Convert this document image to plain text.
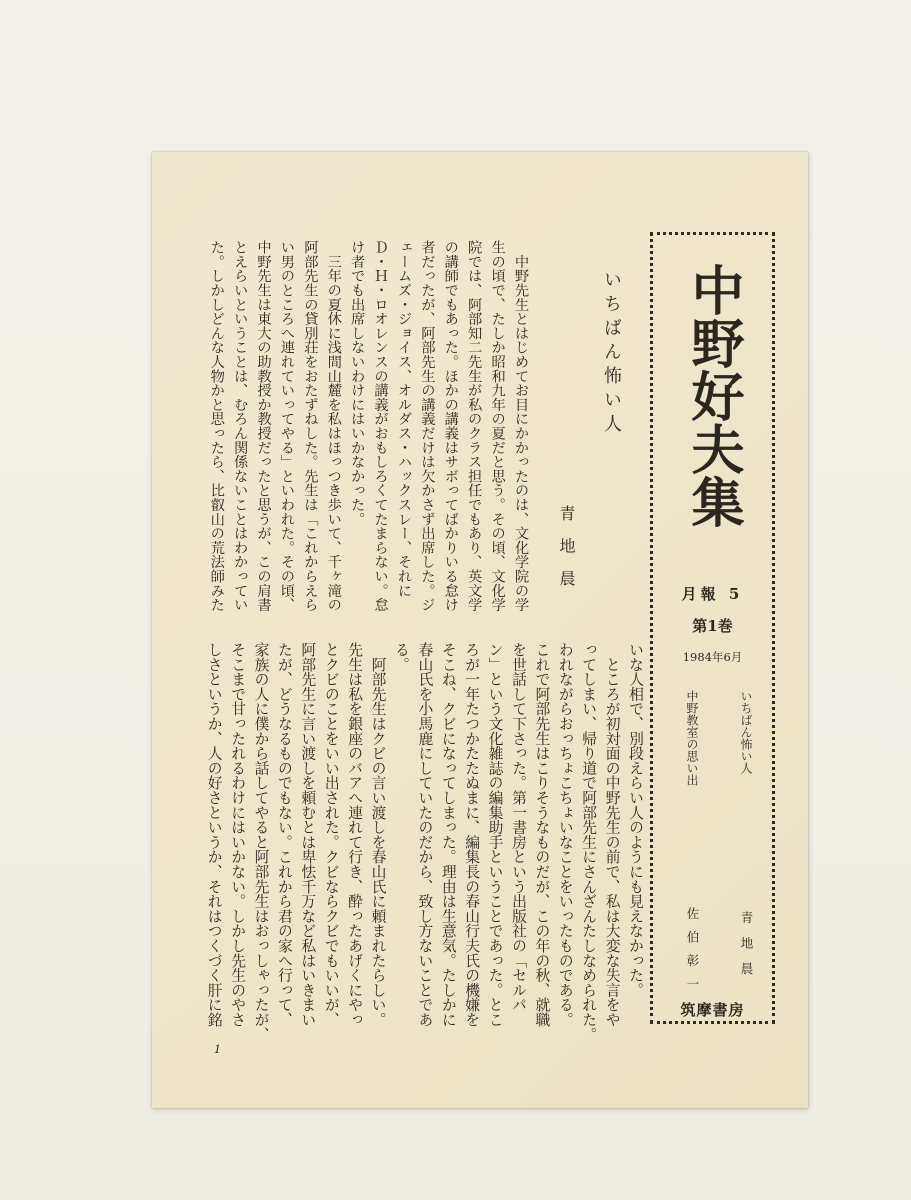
中野好夫集
月報 5
第1巻
1984年6月
いちばん怖い人
中野教室の思い出
青地晨
佐伯彰一
筑摩書房
いちばん怖い人
青地晨
　中野先生とはじめてお目にかかったのは、文化学院の学
生の頃で、たしか昭和九年の夏だと思う。その頃、文化学
院では、阿部知二先生が私のクラス担任でもあり、英文学
の講師でもあった。ほかの講義はサボってばかりいる怠け
者だったが、阿部先生の講義だけは欠かさず出席した。ジ
ェームズ・ジョイス、オルダス・ハックスレー、それに
Ｄ・Ｈ・ロオレンスの講義がおもしろくてたまらない。怠
け者でも出席しないわけにはいかなかった。
　三年の夏休に浅間山麓を私はほっつき歩いて、千ヶ滝の
阿部先生の貸別荘をおたずねした。先生は「これからえら
い男のところへ連れていってやる」といわれた。その頃、
中野先生は東大の助教授か教授だったと思うが、この肩書
とえらいということは、むろん関係ないことはわかってい
た。しかしどんな人物かと思ったら、比叡山の荒法師みた
いな人相で、別段えらい人のようにも見えなかった。
　ところが初対面の中野先生の前で、私は大変な失言をや
ってしまい、帰り道で阿部先生にさんざんたしなめられた。
われながらおっちょこちょいなことをいったものである。
これで阿部先生はこりそうなものだが、この年の秋、就職
を世話して下さった。第一書房という出版社の「セルパ
ン」という文化雑誌の編集助手ということであった。とこ
ろが一年たつかたたぬまに、編集長の春山行夫氏の機嫌を
そこね、クビになってしまった。理由は生意気。たしかに
春山氏を小馬鹿にしていたのだから、致し方ないことであ
る。
　阿部先生はクビの言い渡しを春山氏に頼まれたらしい。
先生は私を銀座のバアへ連れて行き、酔ったあげくにやっ
とクビのことをいい出された。クビならクビでもいいが、
阿部先生に言い渡しを頼むとは卑怯千万など私はいきまい
たが、どうなるものでもない。これから君の家へ行って、
家族の人に僕から話してやると阿部先生はおっしゃったが、
そこまで甘ったれるわけにはいかない。しかし先生のやさ
しさというか、人の好さというか、それはつくづく肝に銘
1
